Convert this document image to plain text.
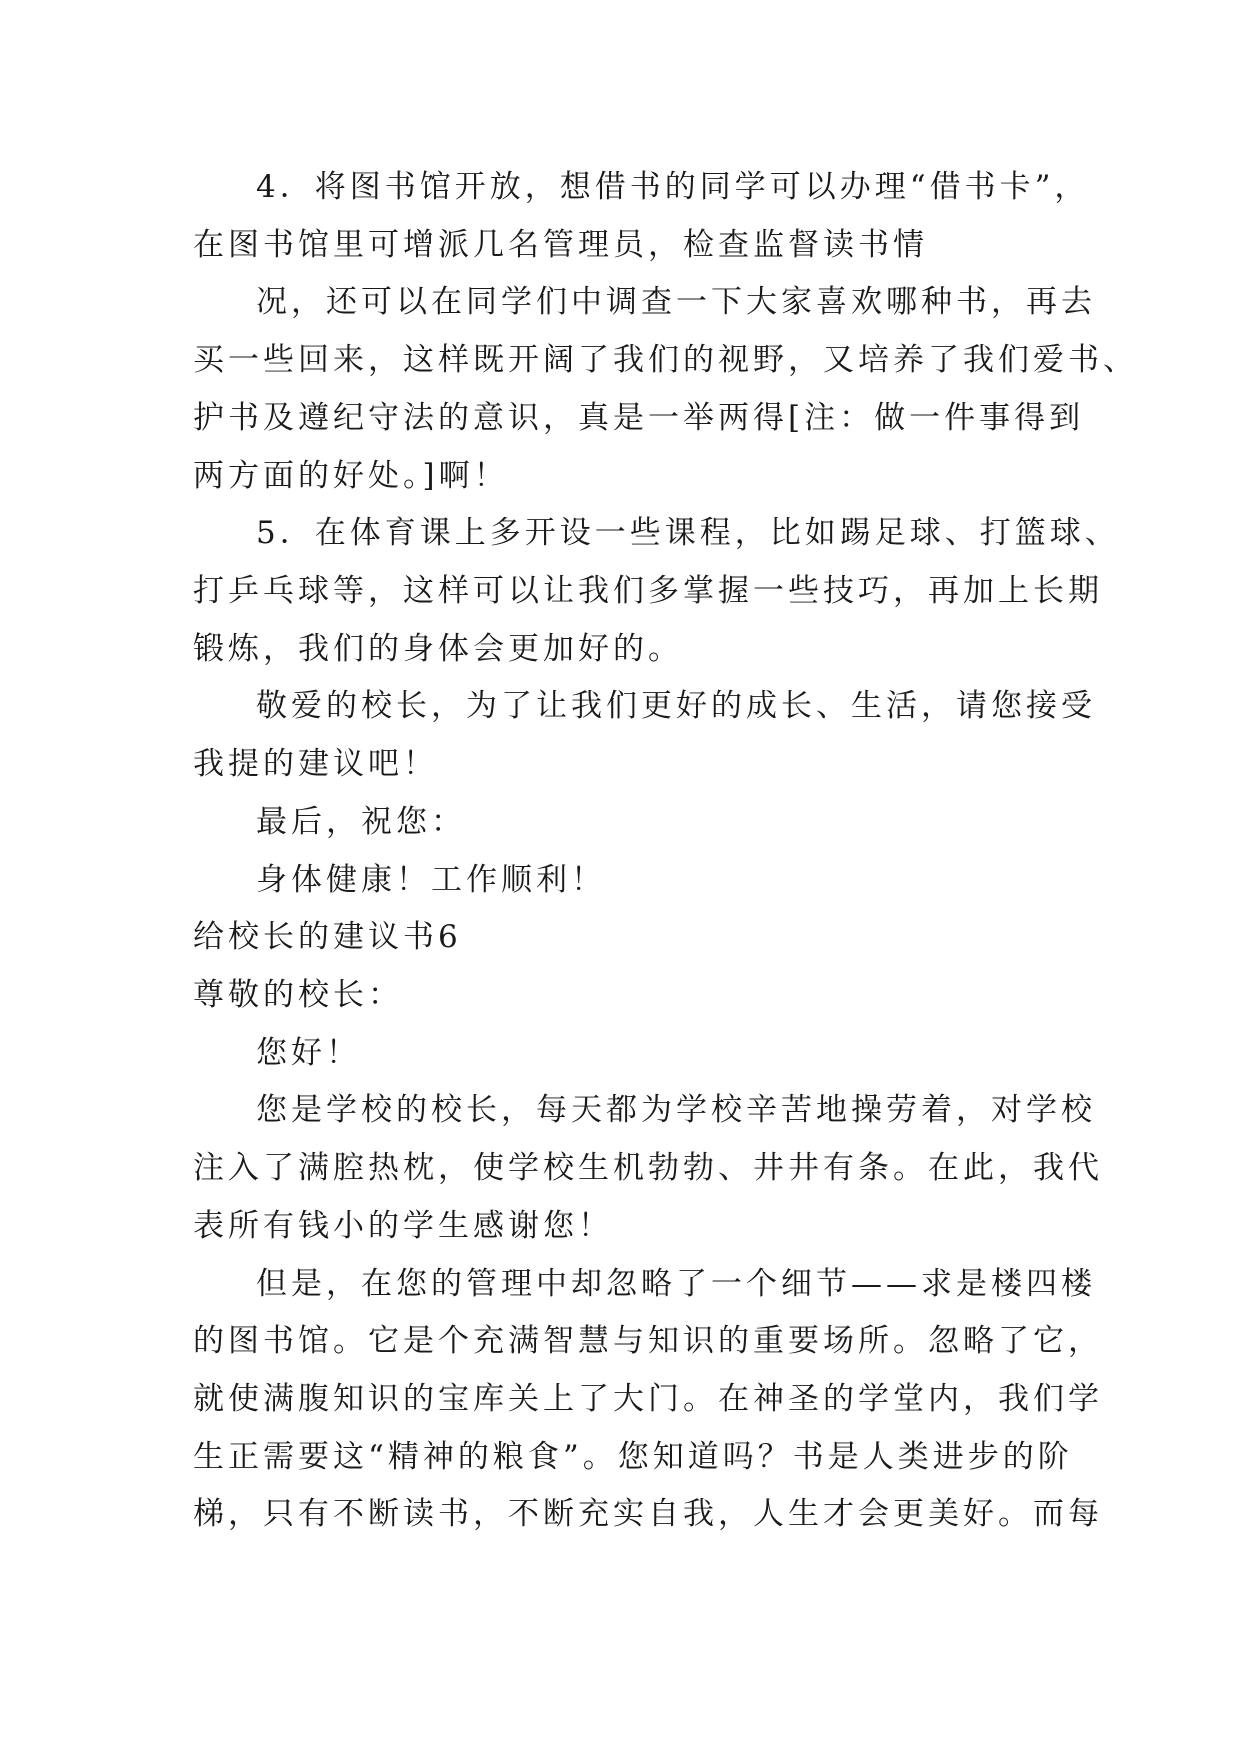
4．将图书馆开放，想借书的同学可以办理“借书卡”，
在图书馆里可增派几名管理员，检查监督读书情
况，还可以在同学们中调查一下大家喜欢哪种书，再去
买一些回来，这样既开阔了我们的视野，又培养了我们爱书、
护书及遵纪守法的意识，真是一举两得[注：做一件事得到
两方面的好处。]啊！
5．在体育课上多开设一些课程，比如踢足球、打篮球、
打乒乓球等，这样可以让我们多掌握一些技巧，再加上长期
锻炼，我们的身体会更加好的。
敬爱的校长，为了让我们更好的成长、生活，请您接受
我提的建议吧！
最后，祝您：
身体健康！工作顺利！
给校长的建议书6
尊敬的校长：
您好！
您是学校的校长，每天都为学校辛苦地操劳着，对学校
注入了满腔热枕，使学校生机勃勃、井井有条。在此，我代
表所有钱小的学生感谢您！
但是，在您的管理中却忽略了一个细节——求是楼四楼
的图书馆。它是个充满智慧与知识的重要场所。忽略了它，
就使满腹知识的宝库关上了大门。在神圣的学堂内，我们学
生正需要这“精神的粮食”。您知道吗？书是人类进步的阶
梯，只有不断读书，不断充实自我，人生才会更美好。而每
